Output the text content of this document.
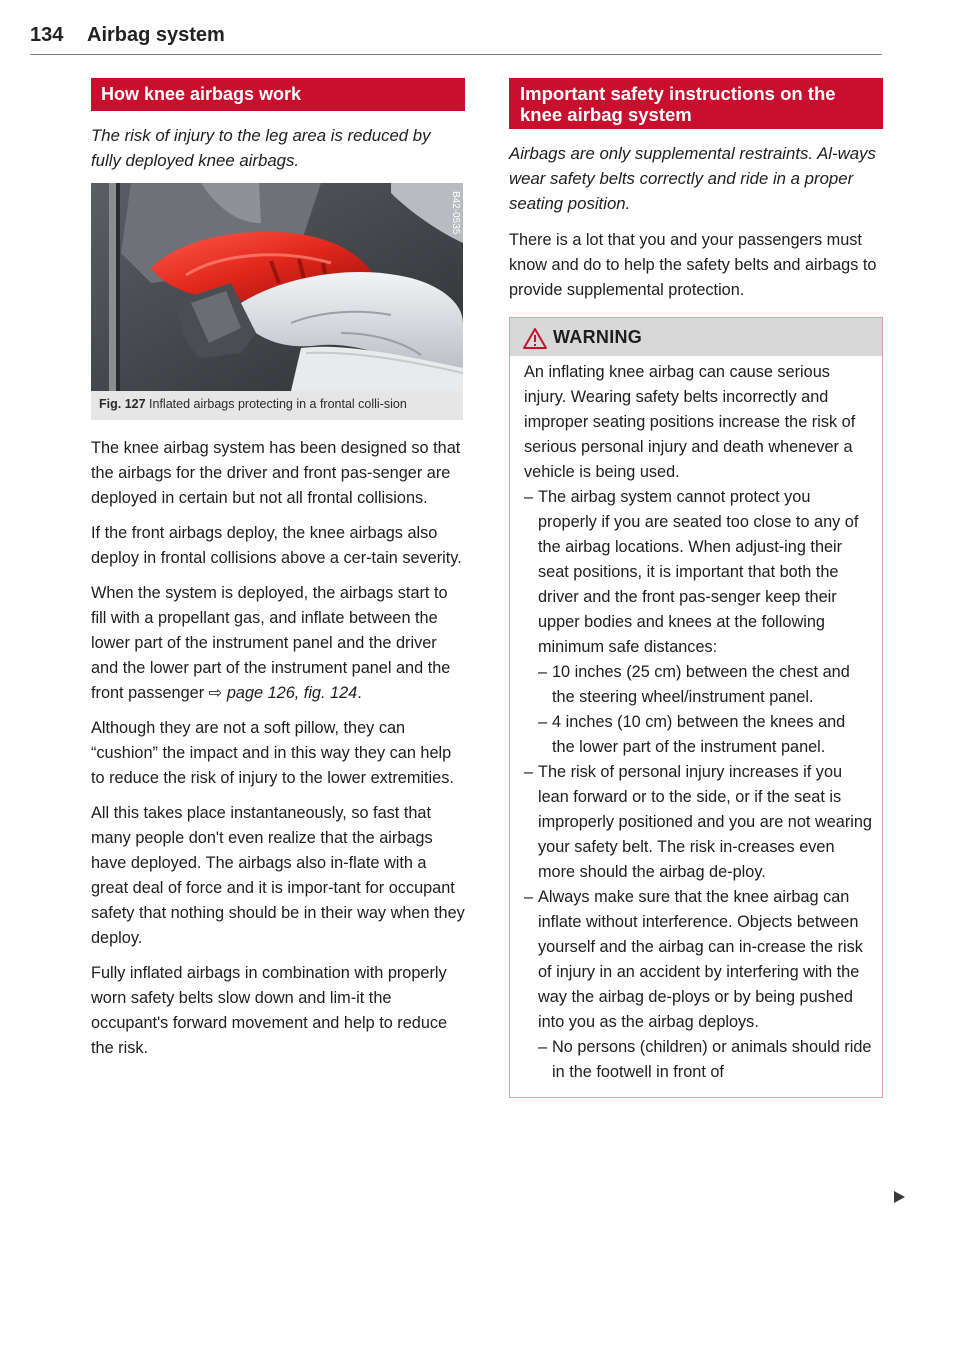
134 Airbag system
How knee airbags work

The risk of injury to the leg area is reduced by fully deployed knee airbags.

B42-0535
Fig. 127 Inflated airbags protecting in a frontal colli-sion

The knee airbag system has been designed so that the airbags for the driver and front pas-senger are deployed in certain but not all frontal collisions.

If the front airbags deploy, the knee airbags also deploy in frontal collisions above a cer-tain severity.

When the system is deployed, the airbags start to fill with a propellant gas, and inflate between the lower part of the instrument panel and the driver and the lower part of the instrument panel and the front passenger ⇨ page 126, fig. 124.

Although they are not a soft pillow, they can “cushion” the impact and in this way they can help to reduce the risk of injury to the lower extremities.

All this takes place instantaneously, so fast that many people don't even realize that the airbags have deployed. The airbags also in-flate with a great deal of force and it is impor-tant for occupant safety that nothing should be in their way when they deploy.

Fully inflated airbags in combination with properly worn safety belts slow down and lim-it the occupant's forward movement and help to reduce the risk.

Important safety instructions on the knee airbag system

Airbags are only supplemental restraints. Al-ways wear safety belts correctly and ride in a proper seating position.

There is a lot that you and your passengers must know and do to help the safety belts and airbags to provide supplemental protection.

WARNING

An inflating knee airbag can cause serious injury. Wearing safety belts incorrectly and improper seating positions increase the risk of serious personal injury and death whenever a vehicle is being used.

– The airbag system cannot protect you properly if you are seated too close to any of the airbag locations. When adjust-ing their seat positions, it is important that both the driver and the front pas-senger keep their upper bodies and knees at the following minimum safe distances:
– 10 inches (25 cm) between the chest and the steering wheel/instrument panel.
– 4 inches (10 cm) between the knees and the lower part of the instrument panel.
– The risk of personal injury increases if you lean forward or to the side, or if the seat is improperly positioned and you are not wearing your safety belt. The risk in-creases even more should the airbag de-ploy.
– Always make sure that the knee airbag can inflate without interference. Objects between yourself and the airbag can in-crease the risk of injury in an accident by interfering with the way the airbag de-ploys or by being pushed into you as the airbag deploys.
– No persons (children) or animals should ride in the footwell in front of
